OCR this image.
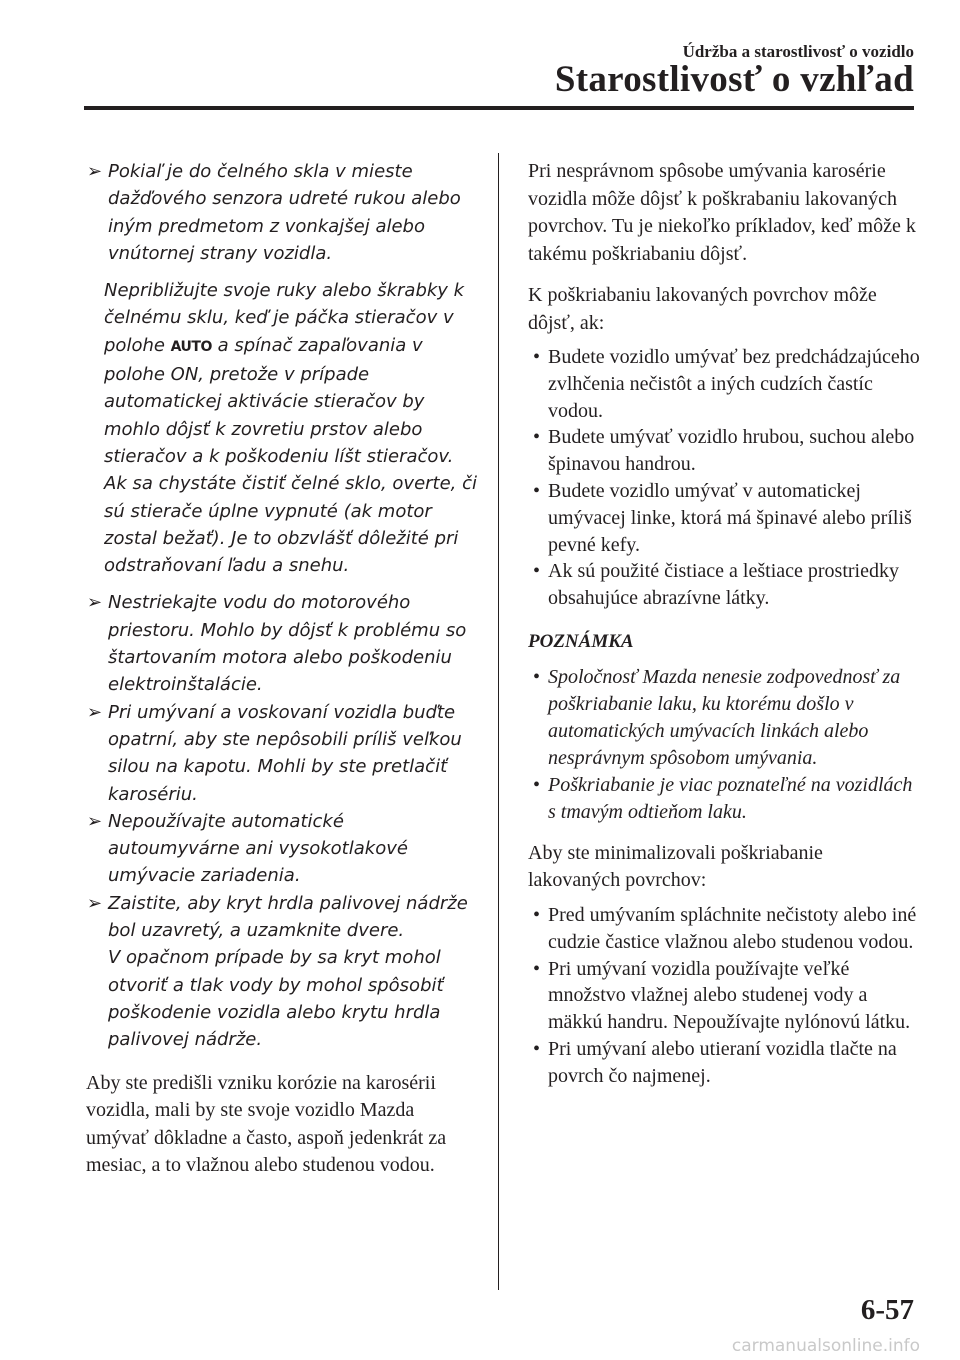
Údržba a starostlivosť o vozidlo
Starostlivosť o vzhľad

➢ Pokiaľ je do čelného skla v mieste dažďového senzora udreté rukou alebo iným predmetom z vonkajšej alebo vnútornej strany vozidla.

Nepribližujte svoje ruky alebo škrabky k čelnému sklu, keď je páčka stieračov v polohe AUTO a spínač zapaľovania v polohe ON, pretože v prípade automatickej aktivácie stieračov by mohlo dôjsť k zovretiu prstov alebo stieračov a k poškodeniu líšt stieračov. Ak sa chystáte čistiť čelné sklo, overte, či sú stierače úplne vypnuté (ak motor zostal bežať). Je to obzvlášť dôležité pri odstraňovaní ľadu a snehu.

➢ Nestriekajte vodu do motorového priestoru. Mohlo by dôjsť k problému so štartovaním motora alebo poškodeniu elektroinštalácie.

➢ Pri umývaní a voskovaní vozidla buďte opatrní, aby ste nepôsobili príliš veľkou silou na kapotu. Mohli by ste pretlačiť karosériu.

➢ Nepoužívajte automatické autoumyvárne ani vysokotlakové umývacie zariadenia.

➢ Zaistite, aby kryt hrdla palivovej nádrže bol uzavretý, a uzamknite dvere.

V opačnom prípade by sa kryt mohol otvoriť a tlak vody by mohol spôsobiť poškodenie vozidla alebo krytu hrdla palivovej nádrže.

Aby ste predišli vzniku korózie na karosérii vozidla, mali by ste svoje vozidlo Mazda umývať dôkladne a často, aspoň jedenkrát za mesiac, a to vlažnou alebo studenou vodou.

Pri nesprávnom spôsobe umývania karosérie vozidla môže dôjsť k poškrabaniu lakovaných povrchov. Tu je niekoľko príkladov, keď môže k takému poškriabaniu dôjsť.

K poškriabaniu lakovaných povrchov môže dôjsť, ak:

• Budete vozidlo umývať bez predchádzajúceho zvlhčenia nečistôt a iných cudzích častíc vodou.

• Budete umývať vozidlo hrubou, suchou alebo špinavou handrou.

• Budete vozidlo umývať v automatickej umývacej linke, ktorá má špinavé alebo príliš pevné kefy.

• Ak sú použité čistiace a leštiace prostriedky obsahujúce abrazívne látky.

POZNÁMKA

• Spoločnosť Mazda nenesie zodpovednosť za poškriabanie laku, ku ktorému došlo v automatických umývacích linkách alebo nesprávnym spôsobom umývania.

• Poškriabanie je viac poznateľné na vozidlách s tmavým odtieňom laku.

Aby ste minimalizovali poškriabanie lakovaných povrchov:

• Pred umývaním spláchnite nečistoty alebo iné cudzie častice vlažnou alebo studenou vodou.

• Pri umývaní vozidla používajte veľké množstvo vlažnej alebo studenej vody a mäkkú handru. Nepoužívajte nylónovú látku.

• Pri umývaní alebo utieraní vozidla tlačte na povrch čo najmenej.

6-57
carmanualsonline.info
